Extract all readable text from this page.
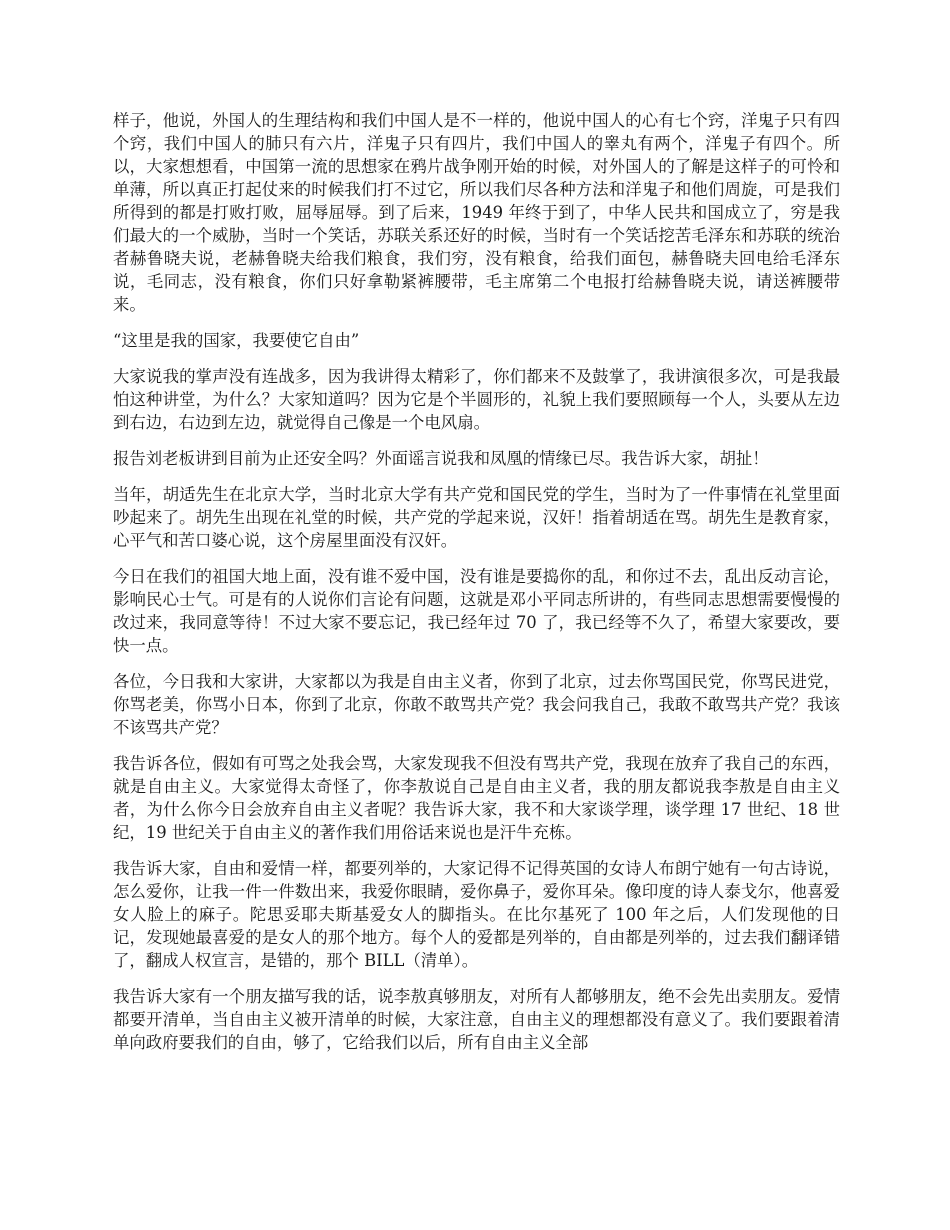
样子，他说，外国人的生理结构和我们中国人是不一样的，他说中国人的心有七个窍，洋鬼子只有四个窍，我们中国人的肺只有六片，洋鬼子只有四片，我们中国人的睾丸有两个，洋鬼子有四个。所以，大家想想看，中国第一流的思想家在鸦片战争刚开始的时候，对外国人的了解是这样子的可怜和单薄，所以真正打起仗来的时候我们打不过它，所以我们尽各种方法和洋鬼子和他们周旋，可是我们所得到的都是打败打败，屈辱屈辱。到了后来，1949 年终于到了，中华人民共和国成立了，穷是我们最大的一个威胁，当时一个笑话，苏联关系还好的时候，当时有一个笑话挖苦毛泽东和苏联的统治者赫鲁晓夫说，老赫鲁晓夫给我们粮食，我们穷，没有粮食，给我们面包，赫鲁晓夫回电给毛泽东说，毛同志，没有粮食，你们只好拿勒紧裤腰带，毛主席第二个电报打给赫鲁晓夫说，请送裤腰带来。

“这里是我的国家，我要使它自由”

大家说我的掌声没有连战多，因为我讲得太精彩了，你们都来不及鼓掌了，我讲演很多次，可是我最怕这种讲堂，为什么？大家知道吗？因为它是个半圆形的，礼貌上我们要照顾每一个人，头要从左边到右边，右边到左边，就觉得自己像是一个电风扇。

报告刘老板讲到目前为止还安全吗？外面谣言说我和凤凰的情缘已尽。我告诉大家，胡扯！

当年，胡适先生在北京大学，当时北京大学有共产党和国民党的学生，当时为了一件事情在礼堂里面吵起来了。胡先生出现在礼堂的时候，共产党的学起来说，汉奸！指着胡适在骂。胡先生是教育家，心平气和苦口婆心说，这个房屋里面没有汉奸。

今日在我们的祖国大地上面，没有谁不爱中国，没有谁是要捣你的乱，和你过不去，乱出反动言论，影响民心士气。可是有的人说你们言论有问题，这就是邓小平同志所讲的，有些同志思想需要慢慢的改过来，我同意等待！不过大家不要忘记，我已经年过 70 了，我已经等不久了，希望大家要改，要快一点。

各位，今日我和大家讲，大家都以为我是自由主义者，你到了北京，过去你骂国民党，你骂民进党，你骂老美，你骂小日本，你到了北京，你敢不敢骂共产党？我会问我自己，我敢不敢骂共产党？我该不该骂共产党？

我告诉各位，假如有可骂之处我会骂，大家发现我不但没有骂共产党，我现在放弃了我自己的东西，就是自由主义。大家觉得太奇怪了，你李敖说自己是自由主义者，我的朋友都说我李敖是自由主义者，为什么你今日会放弃自由主义者呢？我告诉大家，我不和大家谈学理，谈学理 17 世纪、18 世纪，19 世纪关于自由主义的著作我们用俗话来说也是汗牛充栋。

我告诉大家，自由和爱情一样，都要列举的，大家记得不记得英国的女诗人布朗宁她有一句古诗说，怎么爱你，让我一件一件数出来，我爱你眼睛，爱你鼻子，爱你耳朵。像印度的诗人泰戈尔，他喜爱女人脸上的麻子。陀思妥耶夫斯基爱女人的脚指头。在比尔基死了 100 年之后，人们发现他的日记，发现她最喜爱的是女人的那个地方。每个人的爱都是列举的，自由都是列举的，过去我们翻译错了，翻成人权宣言，是错的，那个 BILL（清单）。

我告诉大家有一个朋友描写我的话，说李敖真够朋友，对所有人都够朋友，绝不会先出卖朋友。爱情都要开清单，当自由主义被开清单的时候，大家注意，自由主义的理想都没有意义了。我们要跟着清单向政府要我们的自由，够了，它给我们以后，所有自由主义全部
